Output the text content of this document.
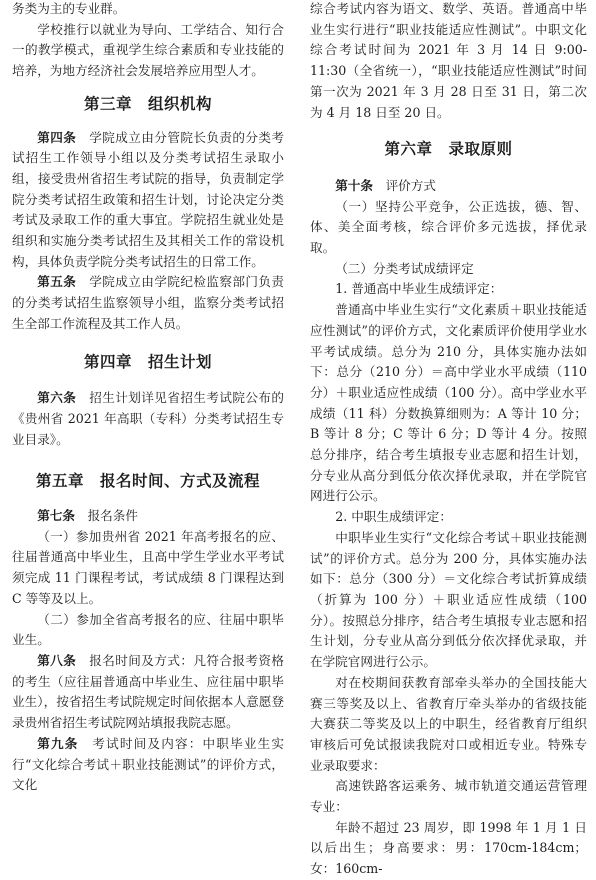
务类为主的专业群。

学校推行以就业为导向、工学结合、知行合一的教学模式，重视学生综合素质和专业技能的培养，为地方经济社会发展培养应用型人才。

第三章　组织机构

第四条　学院成立由分管院长负责的分类考试招生工作领导小组以及分类考试招生录取小组，接受贵州省招生考试院的指导，负责制定学院分类考试招生政策和招生计划，讨论决定分类考试及录取工作的重大事宜。学院招生就业处是组织和实施分类考试招生及其相关工作的常设机构，具体负责学院分类考试招生的日常工作。

第五条　学院成立由学院纪检监察部门负责的分类考试招生监察领导小组，监察分类考试招生全部工作流程及其工作人员。

第四章　招生计划

第六条　招生计划详见省招生考试院公布的《贵州省 2021 年高职（专科）分类考试招生专业目录》。

第五章　报名时间、方式及流程

第七条　报名条件

（一）参加贵州省 2021 年高考报名的应、往届普通高中毕业生，且高中学生学业水平考试须完成 11 门课程考试，考试成绩 8 门课程达到 C 等等及以上。

（二）参加全省高考报名的应、往届中职毕业生。

第八条　报名时间及方式：凡符合报考资格的考生（应往届普通高中毕业生、应往届中职毕业生），按省招生考试院规定时间依据本人意愿登录贵州省招生考试院网站填报我院志愿。

第九条　考试时间及内容：中职毕业生实行“文化综合考试＋职业技能测试”的评价方式，文化

综合考试内容为语文、数学、英语。普通高中毕业生实行进行“职业技能适应性测试”。中职文化综合考试时间为 2021 年 3 月 14 日 9:00-11:30（全省统一），“职业技能适应性测试”时间第一次为 2021 年 3 月 28 日至 31 日，第二次为 4 月 18 日至 20 日。

第六章　录取原则

第十条　评价方式

（一）坚持公平竞争，公正选拔，德、智、体、美全面考核，综合评价多元选拔，择优录取。

（二）分类考试成绩评定

1. 普通高中毕业生成绩评定：

普通高中毕业生实行“文化素质＋职业技能适应性测试”的评价方式，文化素质评价使用学业水平考试成绩。总分为 210 分，具体实施办法如下：总分（210 分）＝高中学业水平成绩（110 分）＋职业适应性成绩（100 分）。高中学业水平成绩（11 科）分数换算细则为：A 等计 10 分；B 等计 8 分；C 等计 6 分；D 等计 4 分。按照总分排序，结合考生填报专业志愿和招生计划，分专业从高分到低分依次择优录取，并在学院官网进行公示。

2. 中职生成绩评定：

中职毕业生实行“文化综合考试＋职业技能测试”的评价方式。总分为 200 分，具体实施办法如下：总分（300 分）＝文化综合考试折算成绩（折算为 100 分）＋职业适应性成绩（100 分）。按照总分排序，结合考生填报专业志愿和招生计划，分专业从高分到低分依次择优录取，并在学院官网进行公示。

对在校期间获教育部牵头举办的全国技能大赛三等奖及以上、省教育厅牵头举办的省级技能大赛获二等奖及以上的中职生，经省教育厅组织审核后可免试报读我院对口或相近专业。特殊专业录取要求：

高速铁路客运乘务、城市轨道交通运营管理专业：

年龄不超过 23 周岁，即 1998 年 1 月 1 日以后出生；身高要求：男：170cm-184cm；女：160cm-
